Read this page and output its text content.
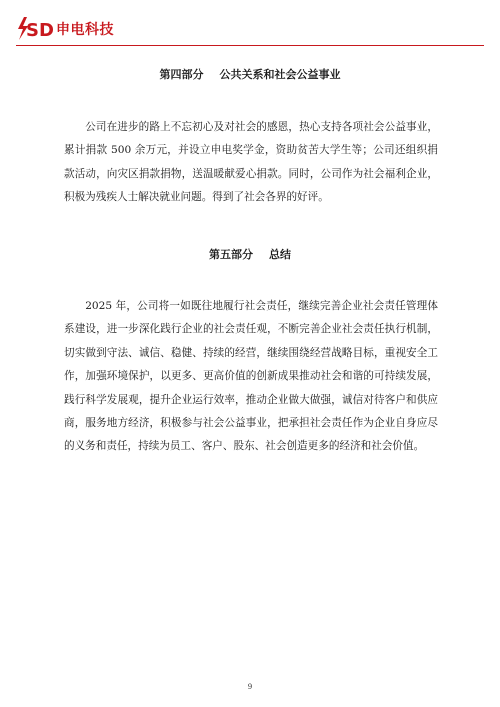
SD 申电科技
第四部分 公共关系和社会公益事业

公司在进步的路上不忘初心及对社会的感恩，热心支持各项社会公益事业，累计捐款 500 余万元，并设立申电奖学金，资助贫苦大学生等；公司还组织捐款活动，向灾区捐款捐物，送温暖献爱心捐款。同时，公司作为社会福利企业，积极为残疾人士解决就业问题。得到了社会各界的好评。

第五部分 总结

2025 年，公司将一如既往地履行社会责任，继续完善企业社会责任管理体系建设，进一步深化践行企业的社会责任观，不断完善企业社会责任执行机制，切实做到守法、诚信、稳健、持续的经营，继续围绕经营战略目标，重视安全工作，加强环境保护，以更多、更高价值的创新成果推动社会和谐的可持续发展，践行科学发展观，提升企业运行效率，推动企业做大做强，诚信对待客户和供应商，服务地方经济，积极参与社会公益事业，把承担社会责任作为企业自身应尽的义务和责任，持续为员工、客户、股东、社会创造更多的经济和社会价值。

9
